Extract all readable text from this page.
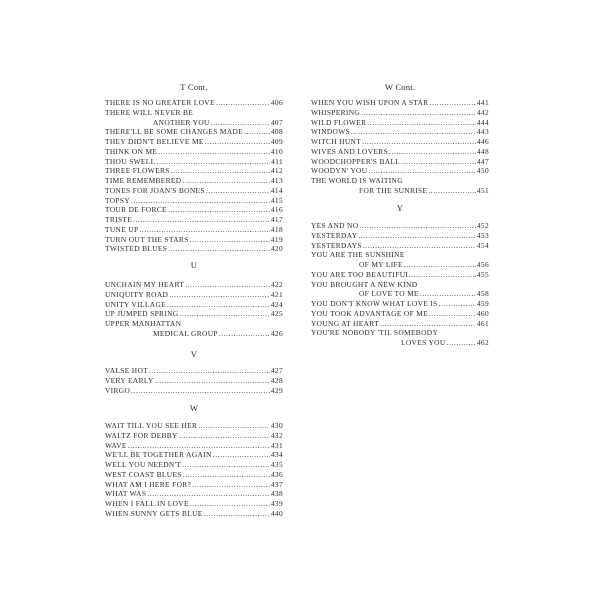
T Cont.
THERE IS NO GREATER LOVE .....	406
THERE WILL NEVER BE
ANOTHER YOU .....	407
THERE'LL BE SOME CHANGES MADE .....	408
THEY DIDN'T BELIEVE ME .....	409
THINK ON ME .....	410
THOU SWELL .....	411
THREE FLOWERS .....	412
TIME REMEMBERED .....	413
TONES FOR JOAN'S BONES .....	414
TOPSY .....	415
TOUR DE FORCE .....	416
TRISTE .....	417
TUNE UP .....	418
TURN OUT THE STARS .....	419
TWISTED BLUES .....	420
U
UNCHAIN MY HEART .....	422
UNIQUITY ROAD .....	421
UNITY VILLAGE .....	424
UP JUMPED SPRING .....	425
UPPER MANHATTAN
MEDICAL GROUP .....	426
V
VALSE HOT .....	427
VERY EARLY .....	428
VIRGO .....	429
W
WAIT TILL YOU SEE HER .....	430
WALTZ FOR DEBBY .....	432
WAVE .....	431
WE'LL BE TOGETHER AGAIN .....	434
WELL YOU NEEDN'T .....	435
WEST COAST BLUES .....	436
WHAT AM I HERE FOR? .....	437
WHAT WAS .....	438
WHEN I FALL IN LOVE .....	439
WHEN SUNNY GETS BLUE .....	440
W Cont.
WHEN YOU WISH UPON A STAR .....	441
WHISPERING .....	442
WILD FLOWER .....	444
WINDOWS .....	443
WITCH HUNT .....	446
WIVES AND LOVERS .....	448
WOODCHOPPER'S BALL .....	447
WOODYN' YOU .....	450
THE WORLD IS WAITING
FOR THE SUNRISE .....	451
Y
YES AND NO .....	452
YESTERDAY .....	453
YESTERDAYS .....	454
YOU ARE THE SUNSHINE
OF MY LIFE .....	456
YOU ARE TOO BEAUTIFUL .....	455
YOU BROUGHT A NEW KIND
OF LOVE TO ME .....	458
YOU DON'T KNOW WHAT LOVE IS .....	459
YOU TOOK ADVANTAGE OF ME .....	460
YOUNG AT HEART .....	461
YOU'RE NOBODY 'TIL SOMEBODY
LOVES YOU .....	462
